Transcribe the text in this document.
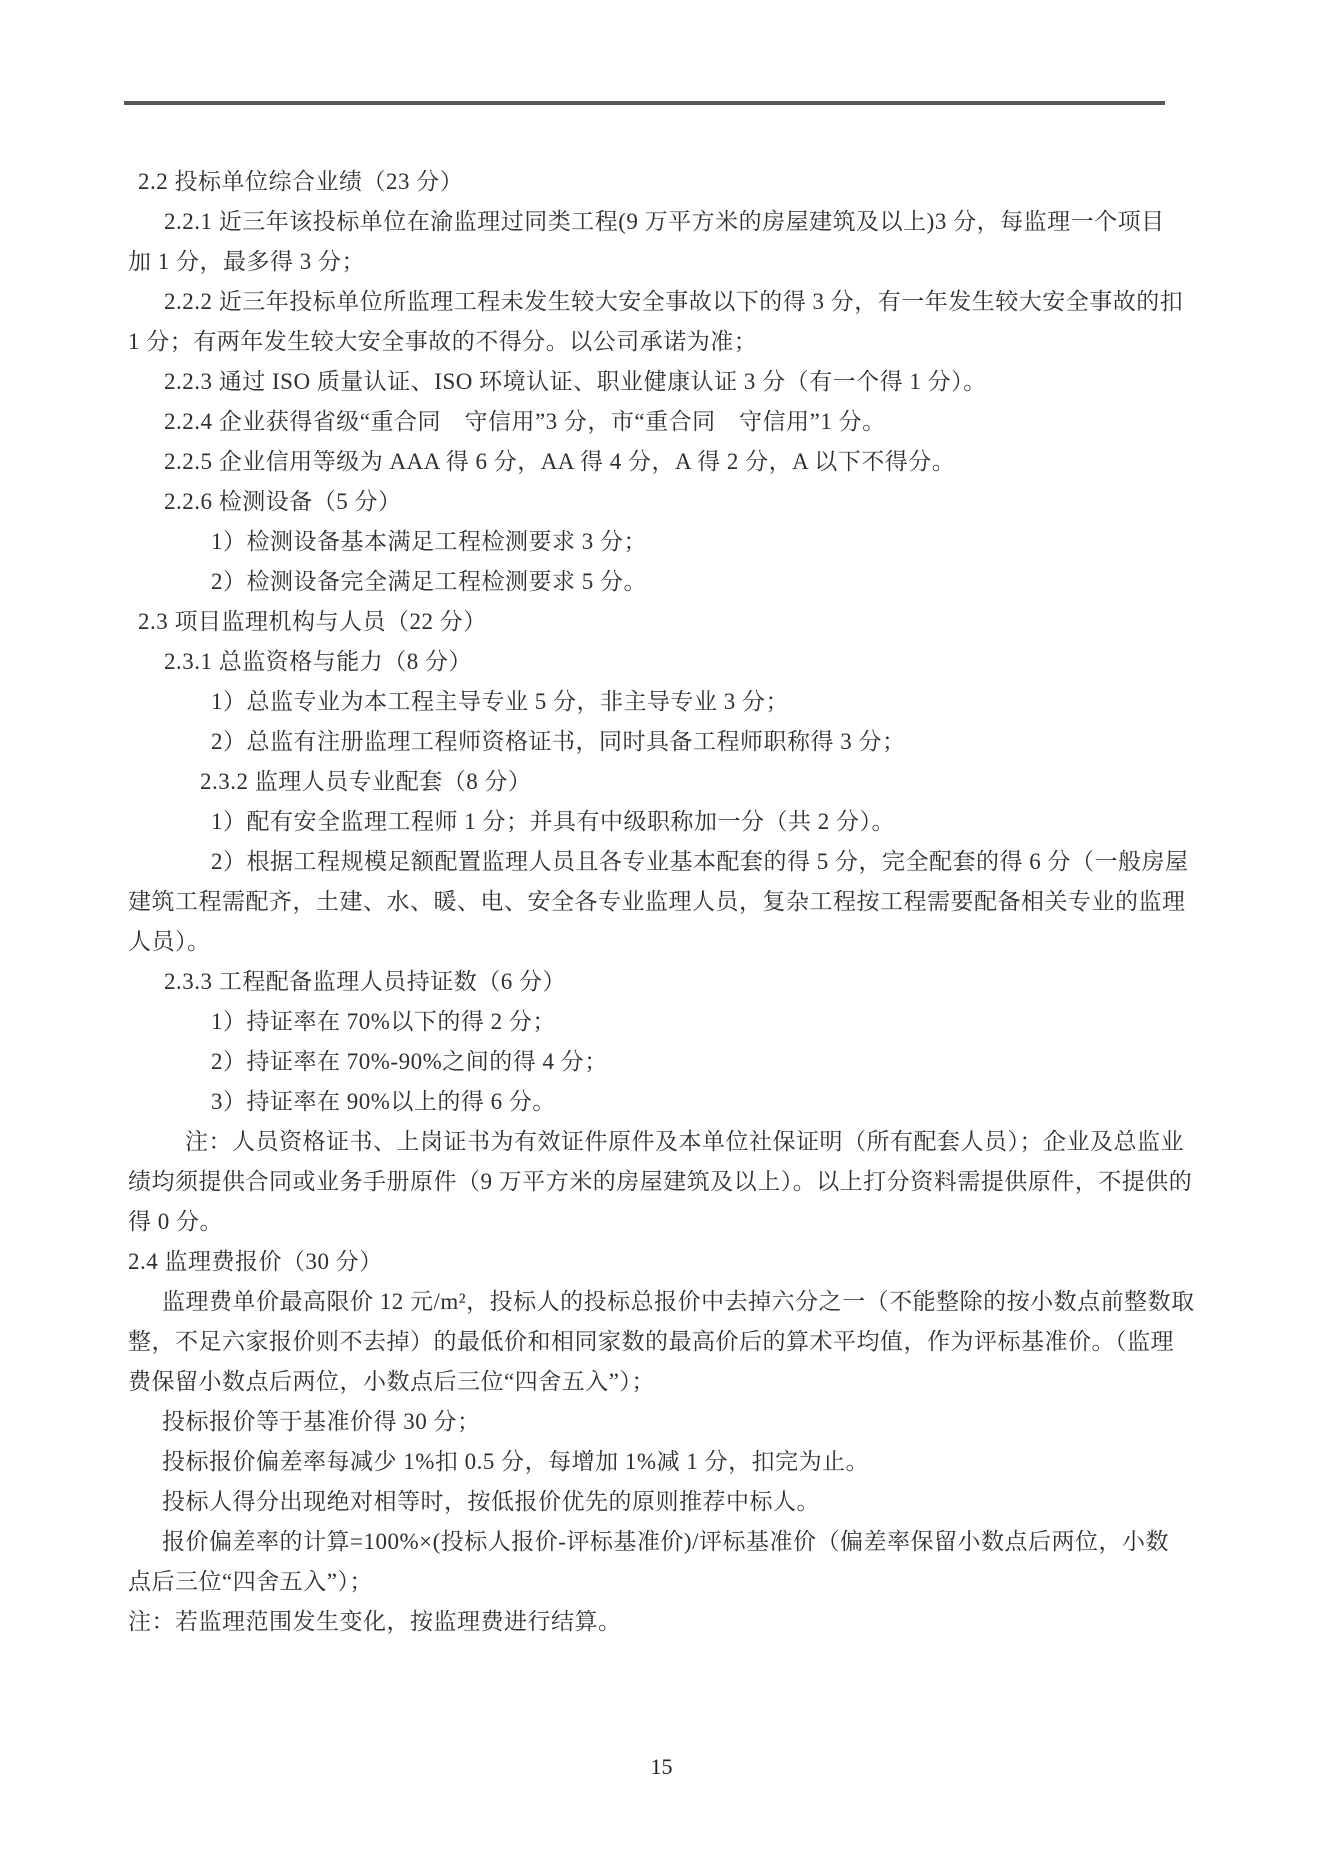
2.2 投标单位综合业绩（23 分）
2.2.1 近三年该投标单位在渝监理过同类工程(9 万平方米的房屋建筑及以上)3 分，每监理一个项目
加 1 分，最多得 3 分；
2.2.2 近三年投标单位所监理工程未发生较大安全事故以下的得 3 分，有一年发生较大安全事故的扣
1 分；有两年发生较大安全事故的不得分。以公司承诺为准；
2.2.3 通过 ISO 质量认证、ISO 环境认证、职业健康认证 3 分（有一个得 1 分）。
2.2.4 企业获得省级“重合同　守信用”3 分，市“重合同　守信用”1 分。
2.2.5 企业信用等级为 AAA 得 6 分，AA 得 4 分，A 得 2 分，A 以下不得分。
2.2.6 检测设备（5 分）
1）检测设备基本满足工程检测要求 3 分；
2）检测设备完全满足工程检测要求 5 分。
2.3 项目监理机构与人员（22 分）
2.3.1 总监资格与能力（8 分）
1）总监专业为本工程主导专业 5 分，非主导专业 3 分；
2）总监有注册监理工程师资格证书，同时具备工程师职称得 3 分；
2.3.2 监理人员专业配套（8 分）
1）配有安全监理工程师 1 分；并具有中级职称加一分（共 2 分）。
2）根据工程规模足额配置监理人员且各专业基本配套的得 5 分，完全配套的得 6 分（一般房屋
建筑工程需配齐，土建、水、暖、电、安全各专业监理人员，复杂工程按工程需要配备相关专业的监理
人员）。
2.3.3 工程配备监理人员持证数（6 分）
1）持证率在 70%以下的得 2 分；
2）持证率在 70%-90%之间的得 4 分；
3）持证率在 90%以上的得 6 分。
注：人员资格证书、上岗证书为有效证件原件及本单位社保证明（所有配套人员）；企业及总监业
绩均须提供合同或业务手册原件（9 万平方米的房屋建筑及以上）。以上打分资料需提供原件，不提供的
得 0 分。
2.4 监理费报价（30 分）
监理费单价最高限价 12 元/m²，投标人的投标总报价中去掉六分之一（不能整除的按小数点前整数取
整，不足六家报价则不去掉）的最低价和相同家数的最高价后的算术平均值，作为评标基准价。（监理
费保留小数点后两位，小数点后三位“四舍五入”）；
投标报价等于基准价得 30 分；
投标报价偏差率每减少 1%扣 0.5 分，每增加 1%减 1 分，扣完为止。
投标人得分出现绝对相等时，按低报价优先的原则推荐中标人。
报价偏差率的计算=100%×(投标人报价-评标基准价)/评标基准价（偏差率保留小数点后两位，小数
点后三位“四舍五入”）；
注：若监理范围发生变化，按监理费进行结算。
15
